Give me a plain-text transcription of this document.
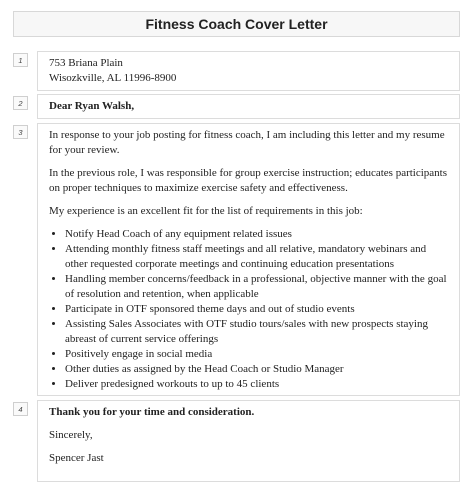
Fitness Coach Cover Letter
1	753 Briana Plain

Wisozkville, AL 11996-8900

2	Dear Ryan Walsh,

3	In response to your job posting for fitness coach, I am including this letter and my resume for your review.

In the previous role, I was responsible for group exercise instruction; educates participants on proper techniques to maximize exercise safety and effectiveness.

My experience is an excellent fit for the list of requirements in this job:

• Notify Head Coach of any equipment related issues
• Attending monthly fitness staff meetings and all relative, mandatory webinars and other requested corporate meetings and continuing education presentations
• Handling member concerns/feedback in a professional, objective manner with the goal of resolution and retention, when applicable
• Participate in OTF sponsored theme days and out of studio events
• Assisting Sales Associates with OTF studio tours/sales with new prospects staying abreast of current service offerings
• Positively engage in social media
• Other duties as assigned by the Head Coach or Studio Manager
• Deliver predesigned workouts to up to 45 clients
4	Thank you for your time and consideration.

Sincerely,

Spencer Jast
